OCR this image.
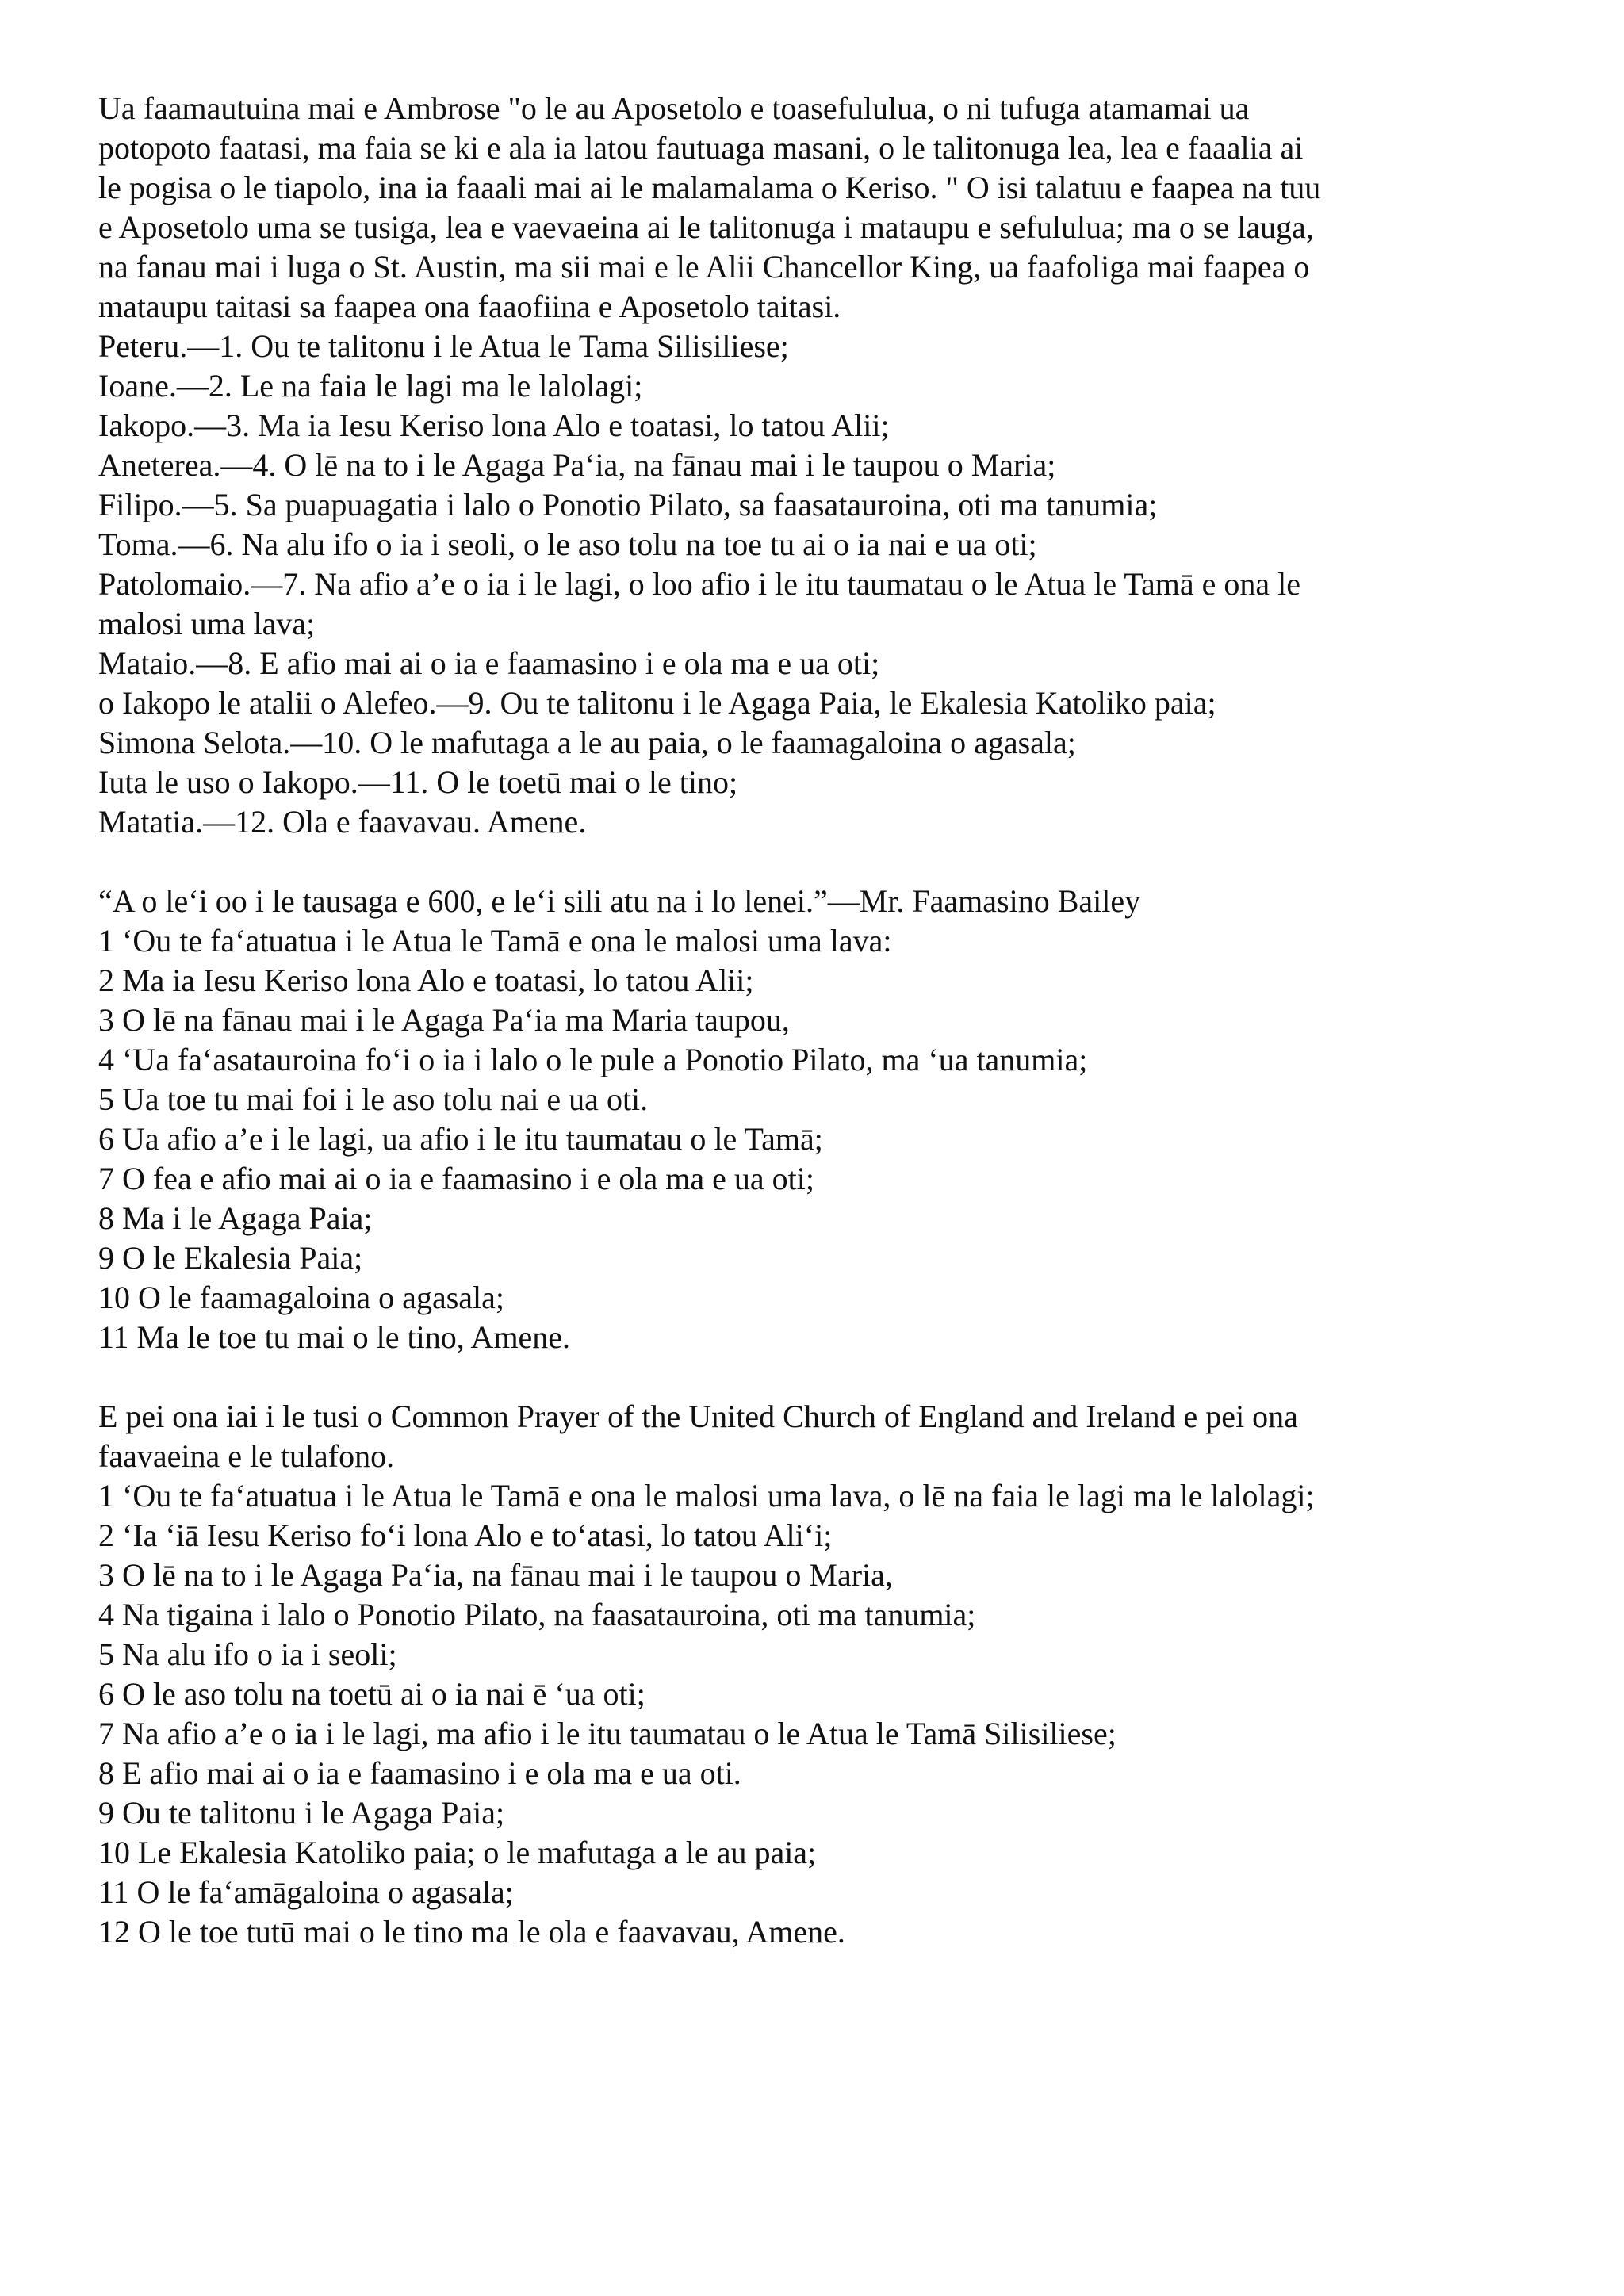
Ua faamautuina mai e Ambrose "o le au Aposetolo e toasefululua, o ni tufuga atamamai ua
potopoto faatasi, ma faia se ki e ala ia latou fautuaga masani, o le talitonuga lea, lea e faaalia ai
le pogisa o le tiapolo, ina ia faaali mai ai le malamalama o Keriso. " O isi talatuu e faapea na tuu
e Aposetolo uma se tusiga, lea e vaevaeina ai le talitonuga i mataupu e sefululua; ma o se lauga,
na fanau mai i luga o St. Austin, ma sii mai e le Alii Chancellor King, ua faafoliga mai faapea o
mataupu taitasi sa faapea ona faaofiina e Aposetolo taitasi.
Peteru.—1. Ou te talitonu i le Atua le Tama Silisiliese;
Ioane.—2. Le na faia le lagi ma le lalolagi;
Iakopo.—3. Ma ia Iesu Keriso lona Alo e toatasi, lo tatou Alii;
Aneterea.—4. O lē na to i le Agaga Pa‘ia, na fānau mai i le taupou o Maria;
Filipo.—5. Sa puapuagatia i lalo o Ponotio Pilato, sa faasatauroina, oti ma tanumia;
Toma.—6. Na alu ifo o ia i seoli, o le aso tolu na toe tu ai o ia nai e ua oti;
Patolomaio.—7. Na afio a’e o ia i le lagi, o loo afio i le itu taumatau o le Atua le Tamā e ona le
malosi uma lava;
Mataio.—8. E afio mai ai o ia e faamasino i e ola ma e ua oti;
o Iakopo le atalii o Alefeo.—9. Ou te talitonu i le Agaga Paia, le Ekalesia Katoliko paia;
Simona Selota.—10. O le mafutaga a le au paia, o le faamagaloina o agasala;
Iuta le uso o Iakopo.—11. O le toetū mai o le tino;
Matatia.—12. Ola e faavavau. Amene.
“A o le‘i oo i le tausaga e 600, e le‘i sili atu na i lo lenei.”—Mr. Faamasino Bailey
1 ‘Ou te fa‘atuatua i le Atua le Tamā e ona le malosi uma lava:
2 Ma ia Iesu Keriso lona Alo e toatasi, lo tatou Alii;
3 O lē na fānau mai i le Agaga Pa‘ia ma Maria taupou,
4 ‘Ua fa‘asatauroina fo‘i o ia i lalo o le pule a Ponotio Pilato, ma ‘ua tanumia;
5 Ua toe tu mai foi i le aso tolu nai e ua oti.
6 Ua afio a’e i le lagi, ua afio i le itu taumatau o le Tamā;
7 O fea e afio mai ai o ia e faamasino i e ola ma e ua oti;
8 Ma i le Agaga Paia;
9 O le Ekalesia Paia;
10 O le faamagaloina o agasala;
11 Ma le toe tu mai o le tino, Amene.
E pei ona iai i le tusi o Common Prayer of the United Church of England and Ireland e pei ona
faavaeina e le tulafono.
1 ‘Ou te fa‘atuatua i le Atua le Tamā e ona le malosi uma lava, o lē na faia le lagi ma le lalolagi;
2 ‘Ia ‘iā Iesu Keriso fo‘i lona Alo e to‘atasi, lo tatou Ali‘i;
3 O lē na to i le Agaga Pa‘ia, na fānau mai i le taupou o Maria,
4 Na tigaina i lalo o Ponotio Pilato, na faasatauroina, oti ma tanumia;
5 Na alu ifo o ia i seoli;
6 O le aso tolu na toetū ai o ia nai ē ‘ua oti;
7 Na afio a’e o ia i le lagi, ma afio i le itu taumatau o le Atua le Tamā Silisiliese;
8 E afio mai ai o ia e faamasino i e ola ma e ua oti.
9 Ou te talitonu i le Agaga Paia;
10 Le Ekalesia Katoliko paia; o le mafutaga a le au paia;
11 O le fa‘amāgaloina o agasala;
12 O le toe tutū mai o le tino ma le ola e faavavau, Amene.
